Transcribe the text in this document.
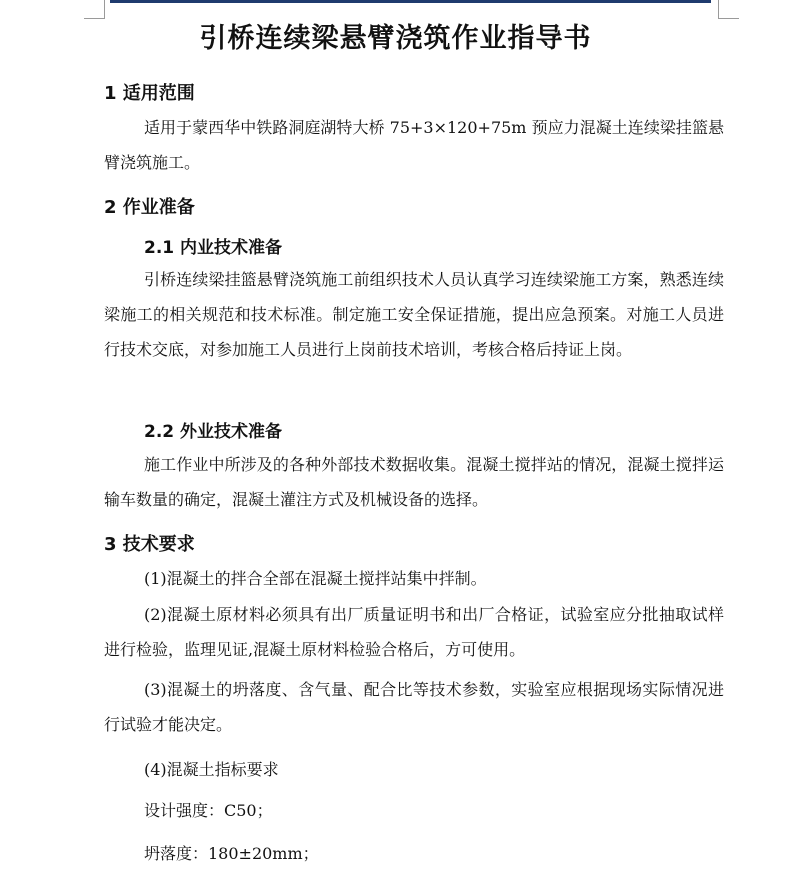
引桥连续梁悬臂浇筑作业指导书

1 适用范围

适用于蒙西华中铁路洞庭湖特大桥 75+3×120+75m 预应力混凝土连续梁挂篮悬臂浇筑施工。

2 作业准备

2.1 内业技术准备

引桥连续梁挂篮悬臂浇筑施工前组织技术人员认真学习连续梁施工方案，熟悉连续梁施工的相关规范和技术标准。制定施工安全保证措施，提出应急预案。对施工人员进行技术交底，对参加施工人员进行上岗前技术培训，考核合格后持证上岗。

2.2 外业技术准备

施工作业中所涉及的各种外部技术数据收集。混凝土搅拌站的情况，混凝土搅拌运输车数量的确定，混凝土灌注方式及机械设备的选择。

3 技术要求

(1)混凝土的拌合全部在混凝土搅拌站集中拌制。

(2)混凝土原材料必须具有出厂质量证明书和出厂合格证，试验室应分批抽取试样进行检验，监理见证,混凝土原材料检验合格后，方可使用。

(3)混凝土的坍落度、含气量、配合比等技术参数，实验室应根据现场实际情况进行试验才能决定。

(4)混凝土指标要求

设计强度：C50；

坍落度：180±20mm；
